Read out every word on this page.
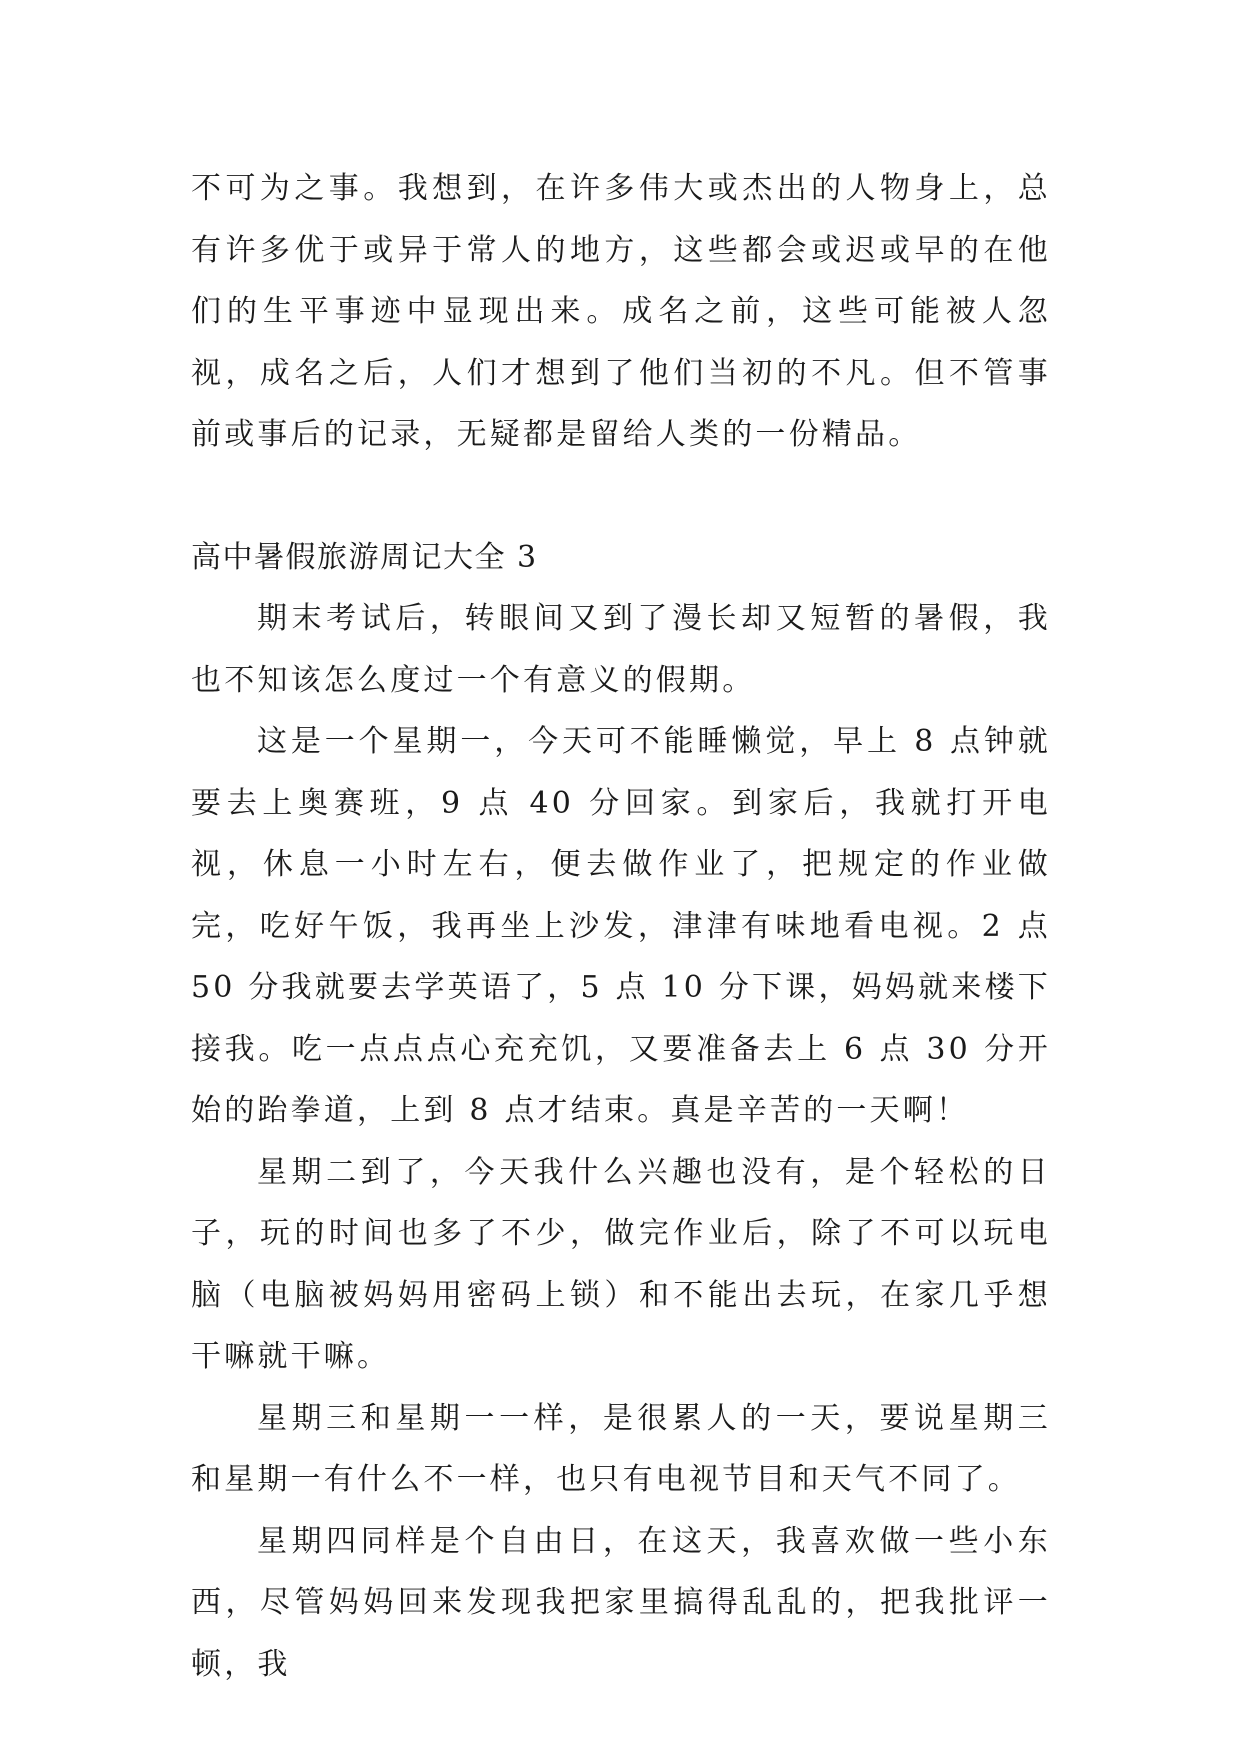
不可为之事。我想到，在许多伟大或杰出的人物身上，总有许多优于或异于常人的地方，这些都会或迟或早的在他们的生平事迹中显现出来。成名之前，这些可能被人忽视，成名之后，人们才想到了他们当初的不凡。但不管事前或事后的记录，无疑都是留给人类的一份精品。

高中暑假旅游周记大全 3

期末考试后，转眼间又到了漫长却又短暂的暑假，我也不知该怎么度过一个有意义的假期。

这是一个星期一，今天可不能睡懒觉，早上 8 点钟就要去上奥赛班，9 点 40 分回家。到家后，我就打开电视，休息一小时左右，便去做作业了，把规定的作业做完，吃好午饭，我再坐上沙发，津津有味地看电视。2 点 50 分我就要去学英语了，5 点 10 分下课，妈妈就来楼下接我。吃一点点点心充充饥，又要准备去上 6 点 30 分开始的跆拳道，上到 8 点才结束。真是辛苦的一天啊！

星期二到了，今天我什么兴趣也没有，是个轻松的日子，玩的时间也多了不少，做完作业后，除了不可以玩电脑（电脑被妈妈用密码上锁）和不能出去玩，在家几乎想干嘛就干嘛。

星期三和星期一一样，是很累人的一天，要说星期三和星期一有什么不一样，也只有电视节目和天气不同了。

星期四同样是个自由日，在这天，我喜欢做一些小东西，尽管妈妈回来发现我把家里搞得乱乱的，把我批评一顿，我
